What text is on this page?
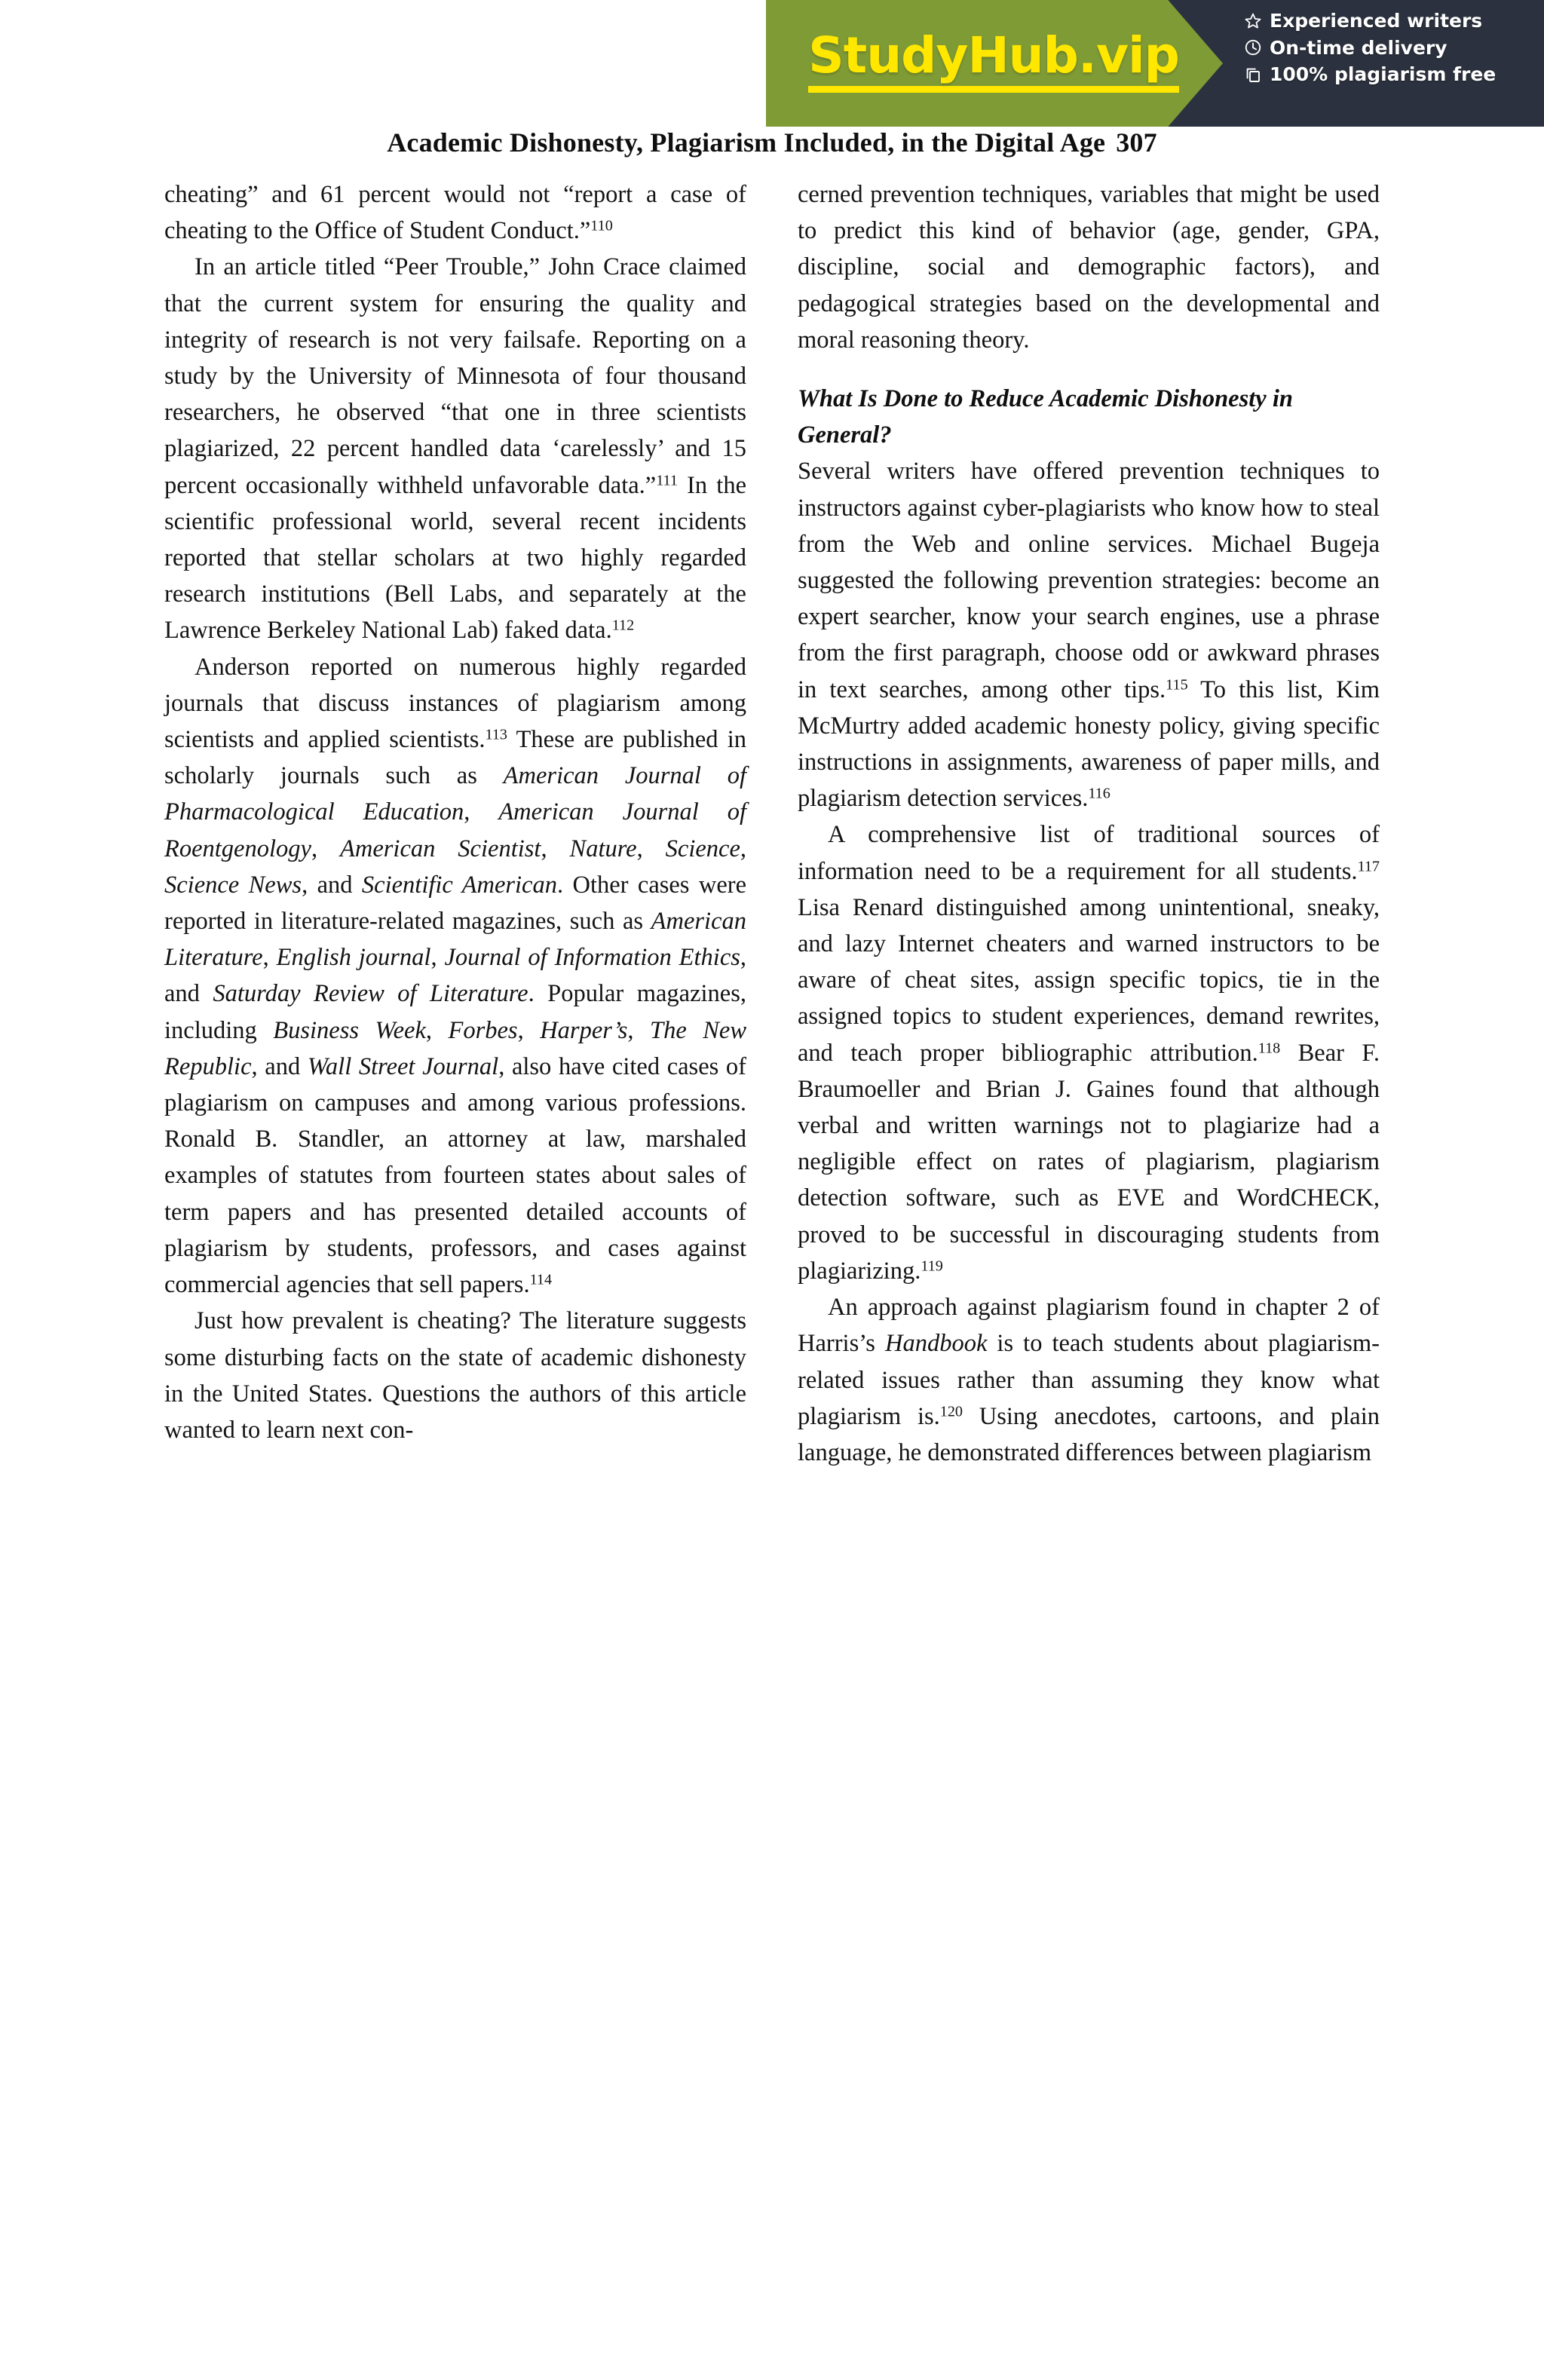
StudyHub.vip
Experienced writers
On-time delivery
100% plagiarism free
Academic Dishonesty, Plagiarism Included, in the Digital Age 307

cheating” and 61 percent would not “report a case of cheating to the Office of Student Conduct.”$^{110}$

In an article titled “Peer Trouble,” John Crace claimed that the current system for ensuring the quality and integrity of research is not very failsafe. Reporting on a study by the University of Minnesota of four thousand researchers, he observed “that one in three scientists plagiarized, 22 percent handled data ‘carelessly’ and 15 percent occasionally withheld unfavorable data.”$^{111}$ In the scientific professional world, several recent incidents reported that stellar scholars at two highly regarded research institutions (Bell Labs, and separately at the Lawrence Berkeley National Lab) faked data.$^{112}$

Anderson reported on numerous highly regarded journals that discuss instances of plagiarism among scientists and applied scientists.$^{113}$ These are published in scholarly journals such as American Journal of Pharmacological Education, American Journal of Roentgenology, American Scientist, Nature, Science, Science News, and Scientific American. Other cases were reported in literature-related magazines, such as American Literature, English journal, Journal of Information Ethics, and Saturday Review of Literature. Popular magazines, including Business Week, Forbes, Harper’s, The New Republic, and Wall Street Journal, also have cited cases of plagiarism on campuses and among various professions. Ronald B. Standler, an attorney at law, marshaled examples of statutes from fourteen states about sales of term papers and has presented detailed accounts of plagiarism by students, professors, and cases against commercial agencies that sell papers.$^{114}$

Just how prevalent is cheating? The literature suggests some disturbing facts on the state of academic dishonesty in the United States. Questions the authors of this article wanted to learn next con-

cerned prevention techniques, variables that might be used to predict this kind of behavior (age, gender, GPA, discipline, social and demographic factors), and pedagogical strategies based on the developmental and moral reasoning theory.

What Is Done to Reduce Academic Dishonesty in General?

Several writers have offered prevention techniques to instructors against cyber-plagiarists who know how to steal from the Web and online services. Michael Bugeja suggested the following prevention strategies: become an expert searcher, know your search engines, use a phrase from the first paragraph, choose odd or awkward phrases in text searches, among other tips.$^{115}$ To this list, Kim McMurtry added academic honesty policy, giving specific instructions in assignments, awareness of paper mills, and plagiarism detection services.$^{116}$

A comprehensive list of traditional sources of information need to be a requirement for all students.$^{117}$ Lisa Renard distinguished among unintentional, sneaky, and lazy Internet cheaters and warned instructors to be aware of cheat sites, assign specific topics, tie in the assigned topics to student experiences, demand rewrites, and teach proper bibliographic attribution.$^{118}$ Bear F. Braumoeller and Brian J. Gaines found that although verbal and written warnings not to plagiarize had a negligible effect on rates of plagiarism, plagiarism detection software, such as EVE and WordCHECK, proved to be successful in discouraging students from plagiarizing.$^{119}$

An approach against plagiarism found in chapter 2 of Harris’s Handbook is to teach students about plagiarism-related issues rather than assuming they know what plagiarism is.$^{120}$ Using anecdotes, cartoons, and plain language, he demonstrated differences between plagiarism
